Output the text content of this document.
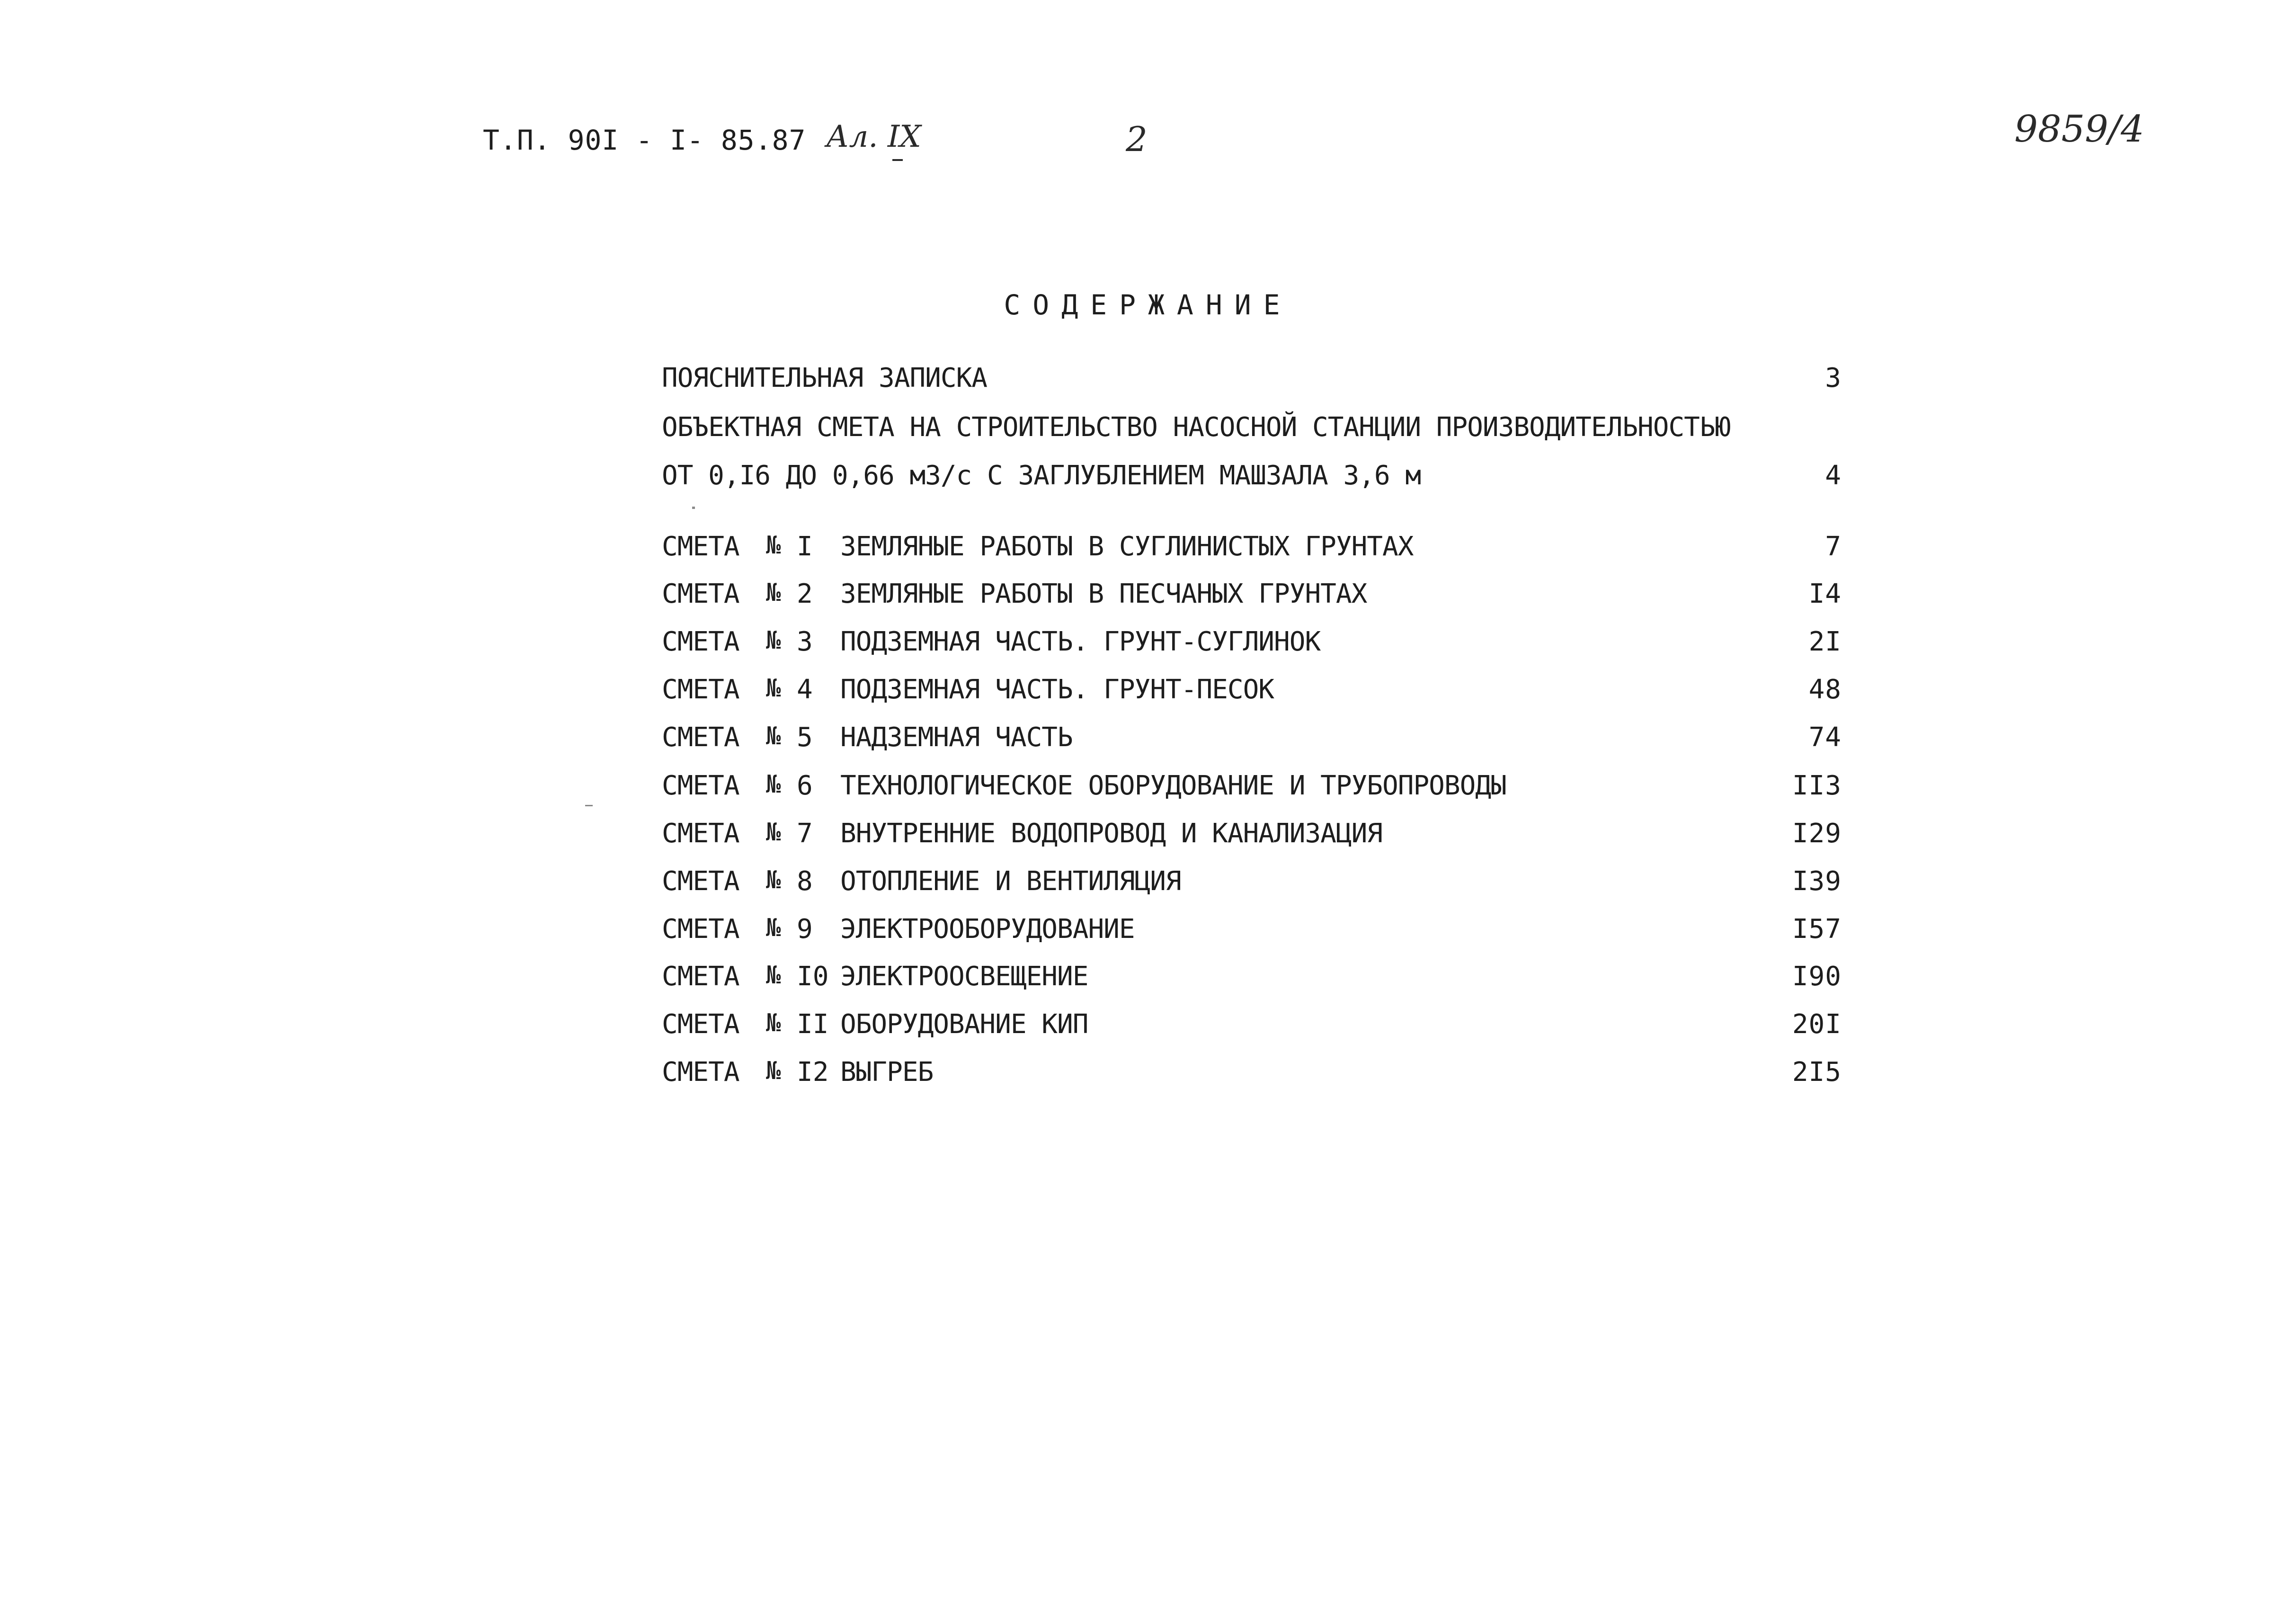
Т.П. 90I - I- 85.87 Ал. IX	2	9859/4
СОДЕРЖАНИЕ
ПОЯСНИТЕЛЬНАЯ ЗАПИСКА	3
ОБЪЕКТНАЯ СМЕТА НА СТРОИТЕЛЬСТВО НАСОСНОЙ СТАНЦИИ ПРОИЗВОДИТЕЛЬНОСТЬЮ
ОТ 0,I6 ДО 0,66 м3/с С ЗАГЛУБЛЕНИЕМ МАШЗАЛА 3,6 м	4
СМЕТА № I ЗЕМЛЯНЫЕ РАБОТЫ В СУГЛИНИСТЫХ ГРУНТАХ	7
СМЕТА № 2 ЗЕМЛЯНЫЕ РАБОТЫ В ПЕСЧАНЫХ ГРУНТАХ	I4
СМЕТА № 3 ПОДЗЕМНАЯ ЧАСТЬ. ГРУНТ-СУГЛИНОК	2I
СМЕТА № 4 ПОДЗЕМНАЯ ЧАСТЬ. ГРУНТ-ПЕСОК	48
СМЕТА № 5 НАДЗЕМНАЯ ЧАСТЬ	74
СМЕТА № 6 ТЕХНОЛОГИЧЕСКОЕ ОБОРУДОВАНИЕ И ТРУБОПРОВОДЫ	II3
СМЕТА № 7 ВНУТРЕННИЕ ВОДОПРОВОД И КАНАЛИЗАЦИЯ	I29
СМЕТА № 8 ОТОПЛЕНИЕ И ВЕНТИЛЯЦИЯ	I39
СМЕТА № 9 ЭЛЕКТРООБОРУДОВАНИЕ	I57
СМЕТА № I0 ЭЛЕКТРООСВЕЩЕНИЕ	I90
СМЕТА № II ОБОРУДОВАНИЕ КИП	20I
СМЕТА № I2 ВЫГРЕБ	2I5
